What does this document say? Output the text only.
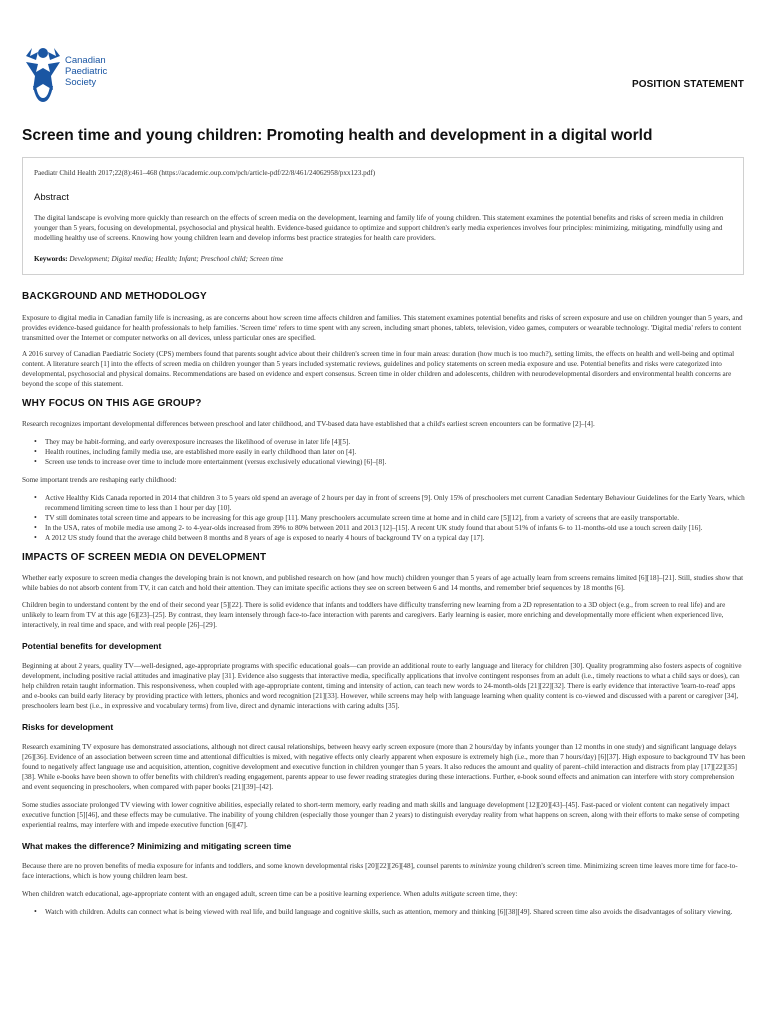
Canadian
Paediatric
Society	POSITION STATEMENT
Screen time and young children: Promoting health and development in a digital world
Paediatr Child Health 2017;22(8):461–468 (https://academic.oup.com/pch/article-pdf/22/8/461/24062958/pxx123.pdf)
Abstract
The digital landscape is evolving more quickly than research on the effects of screen media on the development, learning and family life of young children. This statement examines the potential benefits and risks of screen media in children younger than 5 years, focusing on developmental, psychosocial and physical health. Evidence-based guidance to optimize and support children's early media experiences involves four principles: minimizing, mitigating, mindfully using and modelling healthy use of screens. Knowing how young children learn and develop informs best practice strategies for health care providers.
Keywords: Development; Digital media; Health; Infant; Preschool child; Screen time
BACKGROUND AND METHODOLOGY

Exposure to digital media in Canadian family life is increasing, as are concerns about how screen time affects children and families. This statement examines potential benefits and risks of screen exposure and use on children younger than 5 years, and provides evidence-based guidance for health professionals to help families. 'Screen time' refers to time spent with any screen, including smart phones, tablets, television, video games, computers or wearable technology. 'Digital media' refers to content transmitted over the Internet or computer networks on all devices, unless particular ones are specified.

A 2016 survey of Canadian Paediatric Society (CPS) members found that parents sought advice about their children's screen time in four main areas: duration (how much is too much?), setting limits, the effects on health and well-being and optimal content. A literature search [1] into the effects of screen media on children younger than 5 years included systematic reviews, guidelines and policy statements on screen media exposure and use. Potential benefits and risks were categorized into developmental, psychosocial and physical domains. Recommendations are based on evidence and expert consensus. Screen time in older children and adolescents, children with neurodevelopmental disorders and environmental health concerns are beyond the scope of this statement.

WHY FOCUS ON THIS AGE GROUP?

Research recognizes important developmental differences between preschool and later childhood, and TV-based data have established that a child's earliest screen encounters can be formative [2]–[4].

• They may be habit-forming, and early overexposure increases the likelihood of overuse in later life [4][5].
• Health routines, including family media use, are established more easily in early childhood than later on [4].
• Screen use tends to increase over time to include more entertainment (versus exclusively educational viewing) [6]–[8].

Some important trends are reshaping early childhood:

• Active Healthy Kids Canada reported in 2014 that children 3 to 5 years old spend an average of 2 hours per day in front of screens [9]. Only 15% of preschoolers met current Canadian Sedentary Behaviour Guidelines for the Early Years, which recommend limiting screen time to less than 1 hour per day [10].
• TV still dominates total screen time and appears to be increasing for this age group [11]. Many preschoolers accumulate screen time at home and in child care [5][12], from a variety of screens that are easily transportable.
• In the USA, rates of mobile media use among 2- to 4-year-olds increased from 39% to 80% between 2011 and 2013 [12]–[15]. A recent UK study found that about 51% of infants 6- to 11-months-old use a touch screen daily [16].
• A 2012 US study found that the average child between 8 months and 8 years of age is exposed to nearly 4 hours of background TV on a typical day [17].
IMPACTS OF SCREEN MEDIA ON DEVELOPMENT

Whether early exposure to screen media changes the developing brain is not known, and published research on how (and how much) children younger than 5 years of age actually learn from screens remains limited [6][18]–[21]. Still, studies show that while babies do not absorb content from TV, it can catch and hold their attention. They can imitate specific actions they see on screen between 6 and 14 months, and remember brief sequences by 18 months [6].

Children begin to understand content by the end of their second year [5][22]. There is solid evidence that infants and toddlers have difficulty transferring new learning from a 2D representation to a 3D object (e.g., from screen to real life) and are unlikely to learn from TV at this age [6][23]–[25]. By contrast, they learn intensely through face-to-face interaction with parents and caregivers. Early learning is easier, more enriching and developmentally more efficient when experienced live, interactively, in real time and space, and with real people [26]–[29].

Potential benefits for development

Beginning at about 2 years, quality TV—well-designed, age-appropriate programs with specific educational goals—can provide an additional route to early language and literacy for children [30]. Quality programming also fosters aspects of cognitive development, including positive racial attitudes and imaginative play [31]. Evidence also suggests that interactive media, specifically applications that involve contingent responses from an adult (i.e., timely reactions to what a child says or does), can help children retain taught information. This responsiveness, when coupled with age-appropriate content, timing and intensity of action, can teach new words to 24-month-olds [21][22][32]. There is early evidence that interactive 'learn-to-read' apps and e-books can build early literacy by providing practice with letters, phonics and word recognition [21][33]. However, while screens may help with language learning when quality content is co-viewed and discussed with a parent or caregiver [34], preschoolers learn best (i.e., in expressive and vocabulary terms) from live, direct and dynamic interactions with caring adults [35].

Risks for development

Research examining TV exposure has demonstrated associations, although not direct causal relationships, between heavy early screen exposure (more than 2 hours/day by infants younger than 12 months in one study) and significant language delays [26][36]. Evidence of an association between screen time and attentional difficulties is mixed, with negative effects only clearly apparent when exposure is extremely high (i.e., more than 7 hours/day) [6][37]. High exposure to background TV has been found to negatively affect language use and acquisition, attention, cognitive development and executive function in children younger than 5 years. It also reduces the amount and quality of parent–child interaction and distracts from play [17][22][35][38]. While e-books have been shown to offer benefits with children's reading engagement, parents appear to use fewer reading strategies during these interactions. Further, e-book sound effects and animation can interfere with story comprehension and event sequencing in preschoolers, when compared with paper books [21][39]–[42].

Some studies associate prolonged TV viewing with lower cognitive abilities, especially related to short-term memory, early reading and math skills and language development [12][20][43]–[45]. Fast-paced or violent content can negatively impact executive function [5][46], and these effects may be cumulative. The inability of young children (especially those younger than 2 years) to distinguish everyday reality from what happens on screen, along with their efforts to make sense of competing experiential realms, may interfere with and impede executive function [6][47].

What makes the difference? Minimizing and mitigating screen time

Because there are no proven benefits of media exposure for infants and toddlers, and some known developmental risks [20][22][26][48], counsel parents to minimize young children's screen time. Minimizing screen time leaves more time for face-to-face interactions, which is how young children learn best.

When children watch educational, age-appropriate content with an engaged adult, screen time can be a positive learning experience. When adults mitigate screen time, they:

• Watch with children. Adults can connect what is being viewed with real life, and build language and cognitive skills, such as attention, memory and thinking [6][38][49]. Shared screen time also avoids the disadvantages of solitary viewing.
